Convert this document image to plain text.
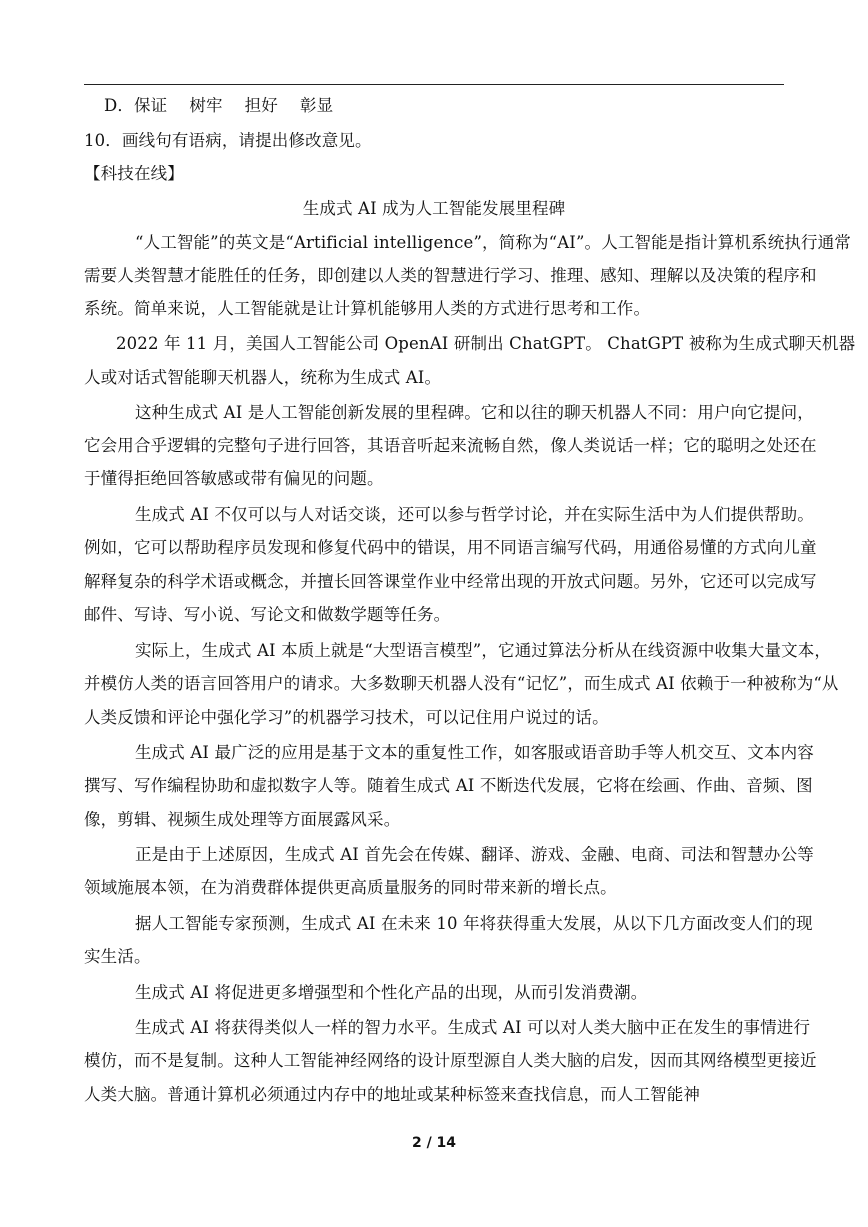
D．保证 树牢 担好 彰显
10．画线句有语病，请提出修改意见。
【科技在线】
生成式 AI 成为人工智能发展里程碑
“人工智能”的英文是“Artificial intelligence”，简称为“AI”。人工智能是指计算机系统执行通常
需要人类智慧才能胜任的任务，即创建以人类的智慧进行学习、推理、感知、理解以及决策的程序和
系统。简单来说，人工智能就是让计算机能够用人类的方式进行思考和工作。
2022 年 11 月，美国人工智能公司 OpenAI 研制出 ChatGPT。 ChatGPT 被称为生成式聊天机器
人或对话式智能聊天机器人，统称为生成式 AI。
这种生成式 AI 是人工智能创新发展的里程碑。它和以往的聊天机器人不同：用户向它提问，
它会用合乎逻辑的完整句子进行回答，其语音听起来流畅自然，像人类说话一样；它的聪明之处还在
于懂得拒绝回答敏感或带有偏见的问题。
生成式 AI 不仅可以与人对话交谈，还可以参与哲学讨论，并在实际生活中为人们提供帮助。
例如，它可以帮助程序员发现和修复代码中的错误，用不同语言编写代码，用通俗易懂的方式向儿童
解释复杂的科学术语或概念，并擅长回答课堂作业中经常出现的开放式问题。另外，它还可以完成写
邮件、写诗、写小说、写论文和做数学题等任务。
实际上，生成式 AI 本质上就是“大型语言模型”，它通过算法分析从在线资源中收集大量文本，
并模仿人类的语言回答用户的请求。大多数聊天机器人没有“记忆”，而生成式 AI 依赖于一种被称为“从
人类反馈和评论中强化学习”的机器学习技术，可以记住用户说过的话。
生成式 AI 最广泛的应用是基于文本的重复性工作，如客服或语音助手等人机交互、文本内容
撰写、写作编程协助和虚拟数字人等。随着生成式 AI 不断迭代发展，它将在绘画、作曲、音频、图
像，剪辑、视频生成处理等方面展露风采。
正是由于上述原因，生成式 AI 首先会在传媒、翻译、游戏、金融、电商、司法和智慧办公等
领域施展本领，在为消费群体提供更高质量服务的同时带来新的增长点。
据人工智能专家预测，生成式 AI 在未来 10 年将获得重大发展，从以下几方面改变人们的现
实生活。
生成式 AI 将促进更多增强型和个性化产品的出现，从而引发消费潮。
生成式 AI 将获得类似人一样的智力水平。生成式 AI 可以对人类大脑中正在发生的事情进行
模仿，而不是复制。这种人工智能神经网络的设计原型源自人类大脑的启发，因而其网络模型更接近
人类大脑。普通计算机必须通过内存中的地址或某种标签来查找信息，而人工智能神
2 / 14
